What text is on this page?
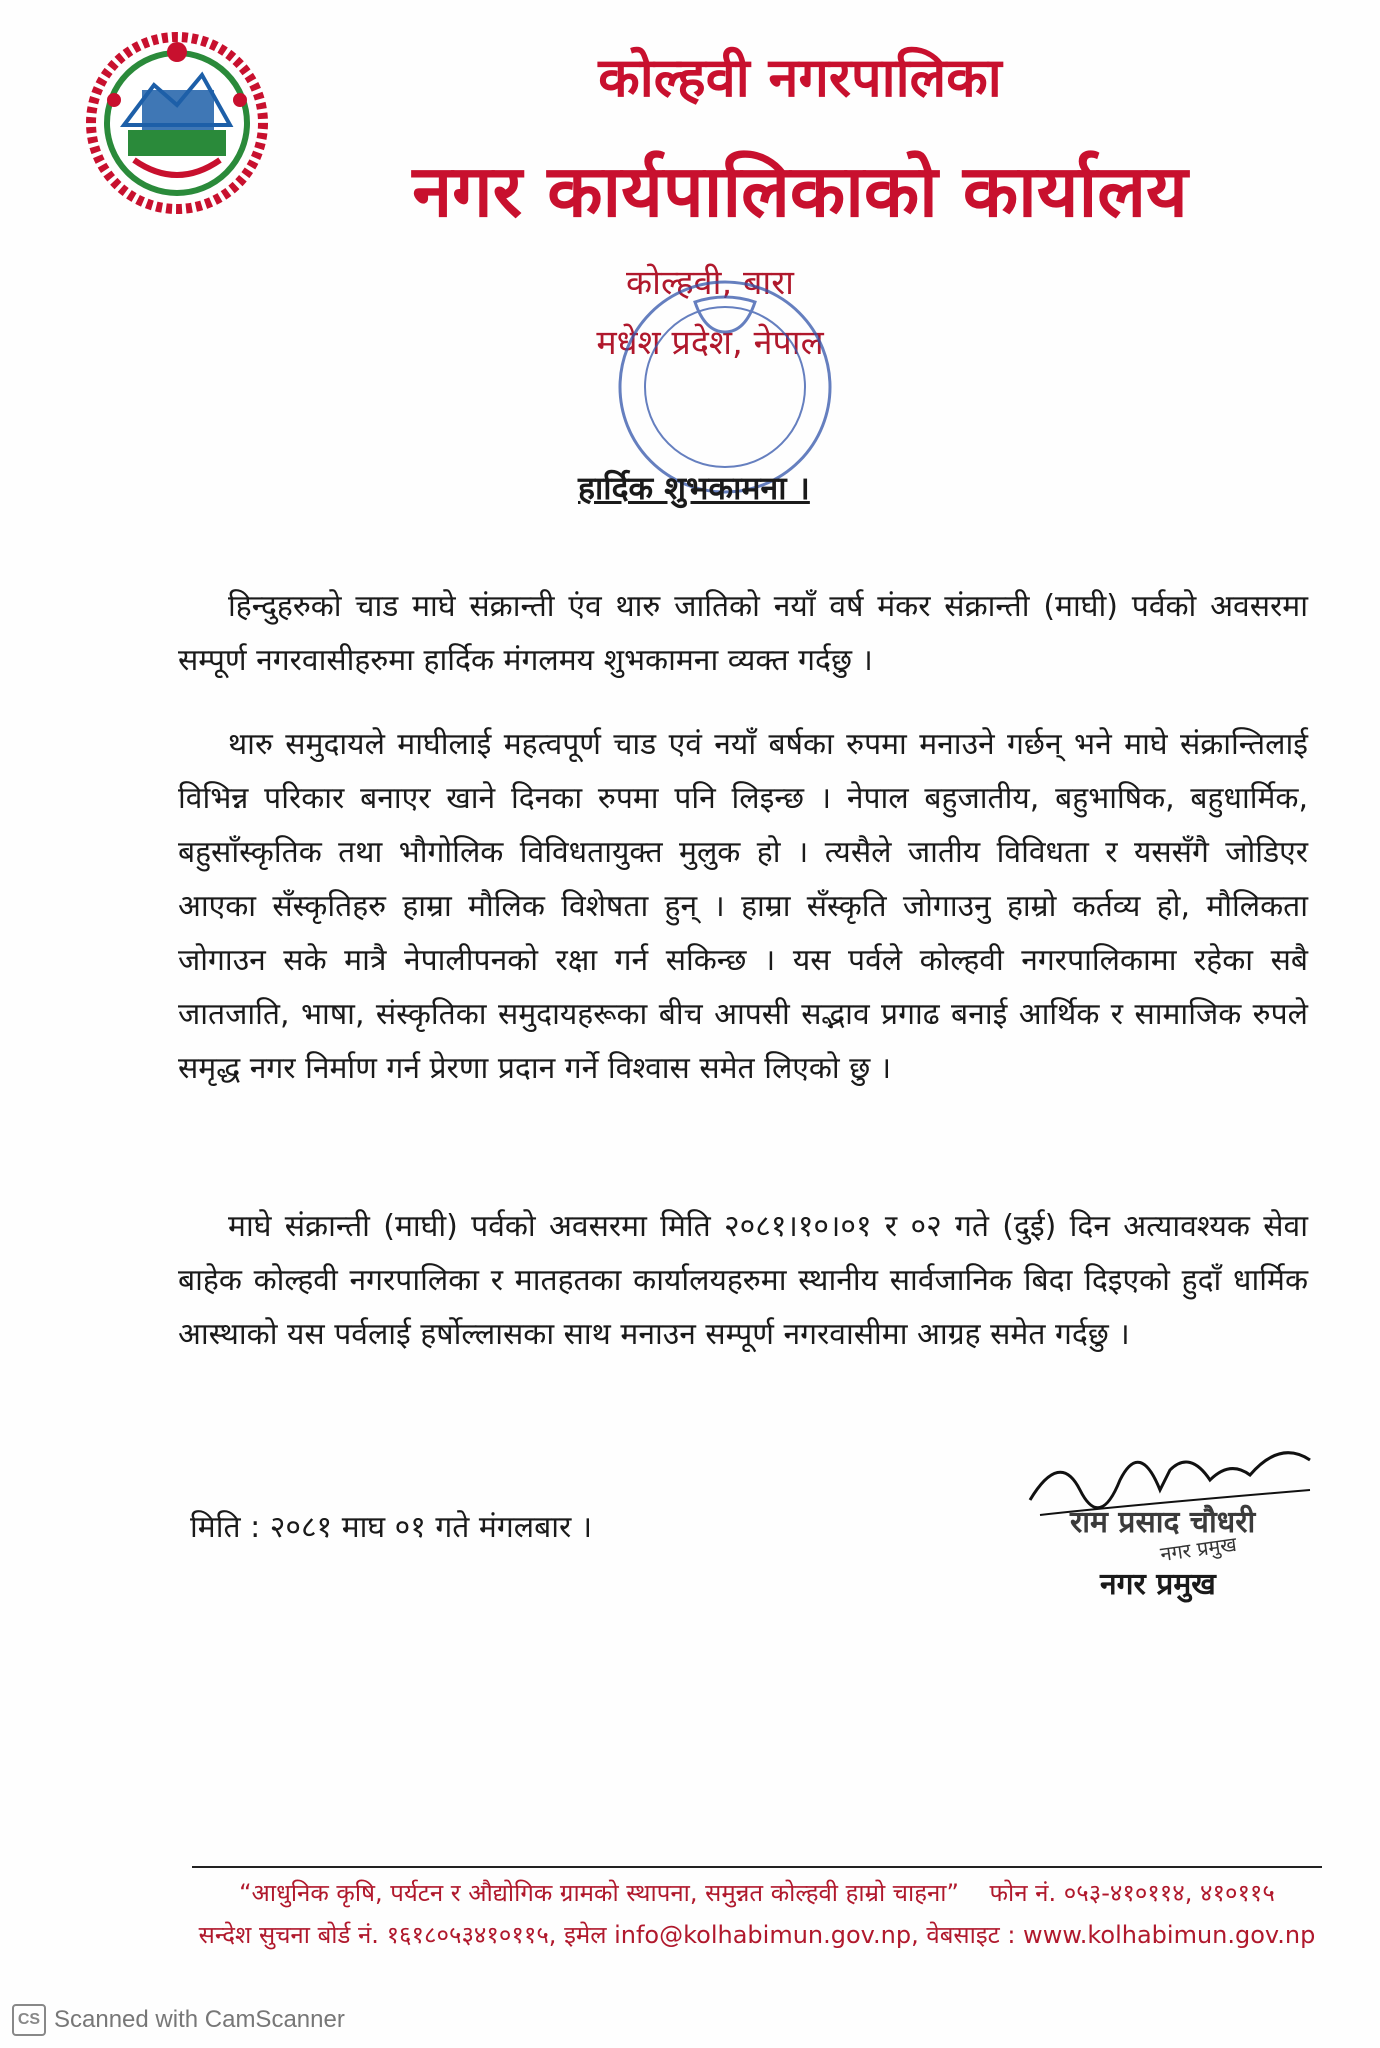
कोल्हवी नगरपालिका
नगर कार्यपालिकाको कार्यालय
कोल्हवी, बारा
मधेश प्रदेश, नेपाल
हार्दिक शुभकामना ।

हिन्दुहरुको चाड माघे संक्रान्ती एंव थारु जातिको नयाँ वर्ष मंकर संक्रान्ती (माघी) पर्वको अवसरमा सम्पूर्ण नगरवासीहरुमा हार्दिक मंगलमय शुभकामना व्यक्त गर्दछु ।

थारु समुदायले माघीलाई महत्वपूर्ण चाड एवं नयाँ बर्षका रुपमा मनाउने गर्छन् भने माघे संक्रान्तिलाई विभिन्न परिकार बनाएर खाने दिनका रुपमा पनि लिइन्छ । नेपाल बहुजातीय, बहुभाषिक, बहुधार्मिक, बहुसाँस्कृतिक तथा भौगोलिक विविधतायुक्त मुलुक हो । त्यसैले जातीय विविधता र यससँगै जोडिएर आएका सँस्कृतिहरु हाम्रा मौलिक विशेषता हुन् । हाम्रा सँस्कृति जोगाउनु हाम्रो कर्तव्य हो, मौलिकता जोगाउन सके मात्रै नेपालीपनको रक्षा गर्न सकिन्छ । यस पर्वले कोल्हवी नगरपालिकामा रहेका सबै जातजाति, भाषा, संस्कृतिका समुदायहरूका बीच आपसी सद्भाव प्रगाढ बनाई आर्थिक र सामाजिक रुपले समृद्ध नगर निर्माण गर्न प्रेरणा प्रदान गर्ने विश्वास समेत लिएको छु ।

माघे संक्रान्ती (माघी) पर्वको अवसरमा मिति २०८१।१०।०१ र ०२ गते (दुई) दिन अत्यावश्यक सेवा बाहेक कोल्हवी नगरपालिका र मातहतका कार्यालयहरुमा स्थानीय सार्वजानिक बिदा दिइएको हुदाँ धार्मिक आस्थाको यस पर्वलाई हर्षोल्लासका साथ मनाउन सम्पूर्ण नगरवासीमा आग्रह समेत गर्दछु ।

मिति : २०८१ माघ ०१ गते मंगलबार ।	राम प्रसाद चौधरी
नगर प्रमुख
नगर प्रमुख
“आधुनिक कृषि, पर्यटन र औद्योगिक ग्रामको स्थापना, समुन्नत कोल्हवी हाम्रो चाहना” फोन नं. ०५३-४१०११४, ४१०११५
सन्देश सुचना बोर्ड नं. १६१८०५३४१०११५, इमेल info@kolhabimun.gov.np, वेबसाइट : www.kolhabimun.gov.np
CS Scanned with CamScanner
